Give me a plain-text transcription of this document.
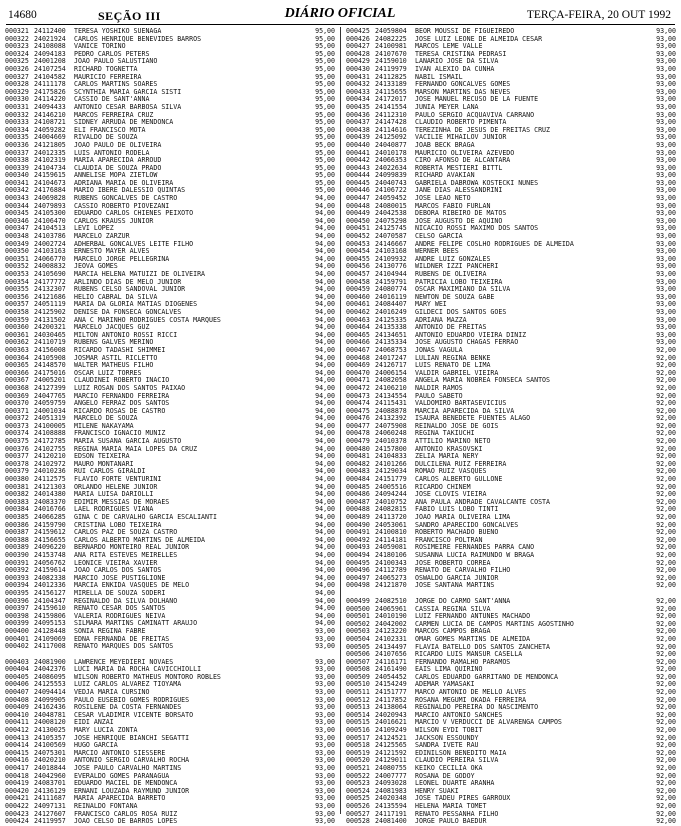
14680	SEÇÃO III	DIÁRIO OFICIAL	TERÇA-FEIRA, 20 OUT 1992
000321 24112400	TERESA YOSHIKO SUENAGA	95,00
000322 24021924	CARLOS HENRIQUE BENEVIDES BARROS	95,00
000323 24108088	VANICE TORINO	95,00
000324 24094183	PEDRO CARLOS PETERS	95,00
000325 24001208	JOAO PAULO SALUSTIANO	95,00
000326 24107254	RICHARD TOGNETTA	95,00
000327 24104582	MAURICIO FERREIRA	95,00
000328 24111178	CARLOS MARTINS SOARES	95,00
000329 24175826	SCYNTHIA MARIA GARCIA SISTI	95,00
000330 24114220	CASSIO DE SANT'ANNA	95,00
000331 24094433	ANTONIO CESAR BARBOSA SILVA	95,00
000332 24146210	MARCOS FERREIRA CRUZ	95,00
000333 24108721	SIDNEY ARRUDA DE MENDONCA	95,00
000334 24059282	ELI FRANCISCO MOTA	95,00
000335 24004669	RIVALDO DE SOUZA	95,00
000336 24121805	JOAO PAULO DE OLIVEIRA	95,00
000337 24012335	LUIS ANTONIO RODELA	95,00
000338 24102319	MARIA APARECIDA ARROUD	95,00
000339 24104734	CLAUDIA DE SOUZA PRADO	95,00
000340 24159615	ANNELISE MOPA ZIETLOW	95,00
000341 24104673	ADRIANA MARIA DE OLIVEIRA	95,00
000342 24176884	MARIO IBERE DALESSIO QUINTAS	95,00
000343 24069828	RUBENS GONCALVES DE CASTRO	94,00
000344 24079893	CASSIO ROBERTO PIOVEZANI	94,00
000345 24105300	EDUARDO CARLOS CHIENES PEIXOTO	94,00
000346 24106470	CARLOS KRAUSS JUNIOR	94,00
000347 24104513	LEVI LOPEZ	94,00
000348 24103786	MARCELO ZARZUR	94,00
000349 24002724	ADHERBAL GONCALVES LEITE FILHO	94,00
000350 24103163	ERNESTO MAYER ALVES	94,00
000351 24066770	MARCELO JORGE PELLEGRINA	94,00
000352 24008832	JEOVA GOMES	94,00
000353 24105690	MARCIA HELENA MATUIZI DE OLIVEIRA	94,00
000354 24177772	ARLINDO DIAS DE MELO JUNIOR	94,00
000355 24132307	RUBENS CELSO SANDOVAL JUNIOR	94,00
000356 24121686	HELIO CABRAL DA SILVA	94,00
000357 24051119	MARIA DA GLORIA MATIAS DIOGENES	94,00
000358 24125902	DENISE DA FONSECA GONCALVES	94,00
000359 24131502	ANA C MARINHO RODRIGUES COSTA MARQUES	94,00
000360 24200321	MARCELO JACQUES GUZ	94,00
000361 24030465	MILTON ANTONIO ROSSI RICCI	94,00
000362 24110719	RUBENS GALVES MERINO	94,00
000363 24156008	RICARDO TADASHI SHIMMEI	94,00
000364 24105908	JOSMAR ASTIL RICLETTO	94,00
000365 24148570	WALTER MATHEUS FILHO	94,00
000366 24175016	OSCAR LUIZ TORRES	94,00
000367 24005201	CLAUDINEI ROBERTO INACIO	94,00
000368 24127399	LUIZ ROSAN DOS SANTOS PAIXAO	94,00
000369 24047765	MARCIO FERNANDO FERREIRA	94,00
000370 24059759	ANGELO FERRAZ DOS SANTOS	94,00
000371 24001034	RICARDO ROSAS DE CASTRO	94,00
000372 24051319	MARCELO DE SOUZA	94,00
000373 24100005	MILENE NAKAYAMA	94,00
000374 24108888	FRANCISCO IGNACIO MUNIZ	94,00
000375 24172785	MARIA SUSANA GARCIA AUGUSTO	94,00
000376 24102755	REGINA MARIA MAIA LOPES DA CRUZ	94,00
000377 24120210	EDSON TEIXEIRA	94,00
000378 24102972	MAURO MONTANARI	94,00
000379 24010236	RUI CARLOS GIRALDI	94,00
000380 24112575	FLAVIO FORTE VENTURINI	94,00
000381 24121303	ORLANDO HELENE JUNIOR	94,00
000382 24014380	MARIA LUISA DARIOLLI	94,00
000383 24083370	EDIMIR MESSIAS DE MORAES	94,00
000384 24016766	LAEL RODRIGUES VIANA	94,00
000385 24066285	GINA C DE CARVALHO GARCIA ESCALIANTI	94,00
000386 24159790	CRISTINA LOBO TEIXEIRA	94,00
000387 24159612	CARLOS PAZ DE SOUZA CASTRO	94,00
000388 24156655	CARLOS ALBERTO MARTINS DE ALMEIDA	94,00
000389 24096220	BERNARDO MONTEIRO REAL JUNIOR	94,00
000390 24153748	ANA RITA ESTEVES MEIRELLES	94,00
000391 24056762	LEONICE VIEIRA XAVIER	94,00
000392 24159614	JOAO CARLOS DOS SANTOS	94,00
000393 24082338	MARCIO JOSE PUSTIGLIONE	94,00
000394 24012336	MARCIA ENKIDA VASQUES DE MELO	94,00
000395 24156127	MIRELLA DE SOUZA SODERI	94,00
000396 24104347	REGINALDO DA SILVA DOLHANO	94,00
000397 24159610	RENATO CESAR DOS SANTOS	94,00
000398 24159806	VALERIA RODRIGUES NEIVA	94,00
000399 24095153	SILMARA MARTINS CAMINATT ARAUJO	94,00
000400 24128448	SONIA REGINA FABRE	93,00
000401 24109069	EDNA FERNANDA DE FREITAS	93,00
000402 24117008	RENATO MARQUES DOS SANTOS	93,00
000403 24081900	LAWRENCE MEYEDIERI NOVAES	93,00
000404 24042376	LUCI MARIA DA ROCHA CAVICCHIOLLI	93,00
000405 24086095	WILSON ROBERTO MATHEUS MONTORO ROBLES	93,00
000406 24125553	LUIZ CARLOS ALVAREZ TIOYAMA	93,00
000407 24094414	VEDJA MARIA CURSINO	93,00
000408 24099905	PAULO EUSEBIO GOMES RODRIGUES	93,00
000409 24162436	ROSILENE DA COSTA FERNANDES	93,00
000410 24048781	CESAR VLADIMIR VICENTE BORSATO	93,00
000411 24008120	EIDI ANZAI	93,00
000412 24130025	MARY LUCIA ZONTA	93,00
000413 24105357	JOSE HENRIQUE BIANCHI SEGATTI	93,00
000414 24100569	HUGO GARCIA	93,00
000415 24075301	MARCIO ANTONIO SIESSERE	93,00
000416 24020210	ANTONIO SERGIO CARVALHO ROCHA	93,00
000417 24018844	JOSE PAULO CARVALHO MARTINS	93,00
000418 24042960	EVERALDO GOMES PARANAGUA	93,00
000419 24083701	EDUARDO MACIEL DE MENDONCA	93,00
000420 24136129	ERNANI LOUZADA RAYMUND JUNIOR	93,00
000421 24111687	MARIA APARECIDA BARRETO	93,00
000422 24097131	REINALDO FONTANA	93,00
000423 24127607	FRANCISCO CARLOS ROSA RUIZ	93,00
000424 24119957	JOAO CELSO DE BARROS LOPES	93,00
000425 24059804	BEOR MOUSSI DE FIGUEIREDO	93,00
000426 24082225	JOSE LUIZ LEONE DE ALMEIDA CESAR	93,00
000427 24100981	MARCOS LEME VALLE	93,00
000428 24107670	TERESA CRISTINA PEDRASI	93,00
000429 24159010	LANARIO JOSE DA SILVA	93,00
000430 24119979	IVAN ALEXIO DA CUNHA	93,00
000431 24112825	NABIL ISMAIL	93,00
000432 24133189	FERNANDO GONCALVES GOMES	93,00
000433 24115655	MARSON MARTINS DAS NEVES	93,00
000434 24172017	JOSE MANUEL RECUSO DE LA FUENTE	93,00
000435 24141554	JUNIA MEYER LANA	93,00
000436 24112310	PAULO SERGIO ACQUAVIVA CARRANO	93,00
000437 24147428	CLAUDIO ROBERTO PIMENTA	93,00
000438 24114616	TEREZINHA DE JESUS DE FREITAS CRUZ	93,00
000439 24125092	VACILIE MIHAILOV JUNIOR	93,00
000440 24040877	JOAB BECK BRAGA	93,00
000441 24010178	MAURICIO OLIVEIRA AZEVEDO	93,00
000442 24066353	CIRO AFONSO DE ALCANTARA	93,00
000443 24022634	ROBERTA MESTIERI BITTL	93,00
000444 24099839	RICHARD AVAKIAN	93,00
000445 24040743	GABRIELA DABROWA KOSTECKI NUNES	93,00
000446 24106722	JANE DIAS ALESSANDRINI	93,00
000447 24059452	JOSE LEAO NETO	93,00
000448 24080015	MARCOS FABIO FURLAN	93,00
000449 24042538	DEBORA RIBEIRO DE MATOS	93,00
000450 24075298	JOSE AUGUSTO DE AQUINO	93,00
000451 24125745	NICACIO ROSSI MAXIMO DOS SANTOS	93,00
000452 24070587	CELSO GARCIA	93,00
000453 24146667	ANDRE FELIPE COSLHO RODRIGUES DE ALMEIDA	93,00
000454 24103168	WERNER BEES	93,00
000455 24109932	ANDRE LUIZ GONZALES	93,00
000456 24130776	WILDNER IZZI PANCHERI	93,00
000457 24104944	RUBENS DE OLIVEIRA	93,00
000458 24159791	PATRICIA LOBO TEIXEIRA	93,00
000459 24080774	OSCAR MAXIMIANO DA SILVA	93,00
000460 24016119	NEWTON DE SOUZA GABE	93,00
000461 24084407	MARY WEI	93,00
000462 24016249	GILDECI DOS SANTOS GOES	93,00
000463 24125335	ADRIANA MAZZA	93,00
000464 24135338	ANTONIO DE FREITAS	93,00
000465 24134651	ANTONIO EDUARDO VIEIRA DINIZ	93,00
000466 24135334	JOSE AUGUSTO CHAGAS FERRAO	93,00
000467 24068753	JONAS VAGULA	92,00
000468 24017247	LULIAN REGINA BENKE	92,00
000469 24126717	LUIS RENATO DE LIMA	92,00
000470 24006154	VALDIR GABRIEL VIEIRA	92,00
000471 24082058	ANGELA MARIA NOBREA FONSECA SANTOS	92,00
000472 24106210	NALDIR RAMOS	92,00
000473 24134554	PAULO SABETO	92,00
000474 24115431	VALDOMIRO BARTASEVICIUS	92,00
000475 24088878	MARCIA APARECIDA DA SILVA	92,00
000476 24132392	ISAURA BENEDETE FUENTES ALAGO	92,00
000477 24075908	REINALDO JOSE DE GOIS	92,00
000478 24060248	REGINA TAKIUCHI	92,00
000479 24010378	ATTILIO MARINO NETO	92,00
000480 24157800	ANTONIO KRASOVSKI	92,00
000481 24104833	ZELIA MARIA NERY	92,00
000482 24101266	DULCILENA RUIZ FERREIRA	92,00
000483 24129034	ROMAO RUIZ VASQUES	92,00
000484 24151779	CARLOS ALBERTO GULLONE	92,00
000485 24005516	RICARDO CHINEM	92,00
000486 24094244	JOSE CLOVIS VIEIRA	92,00
000487 24010752	ANA PAULA ANDRADE CAVALCANTE COSTA	92,00
000488 24082815	FABIO LUIS LOBO TINTI	92,00
000489 24113720	JOAO MARIA OLIVEIRA LIMA	92,00
000490 24053061	SANDRO APARECIDO GONCALVES	92,00
000491 24100810	ROBERTO MACHADO BUENO	92,00
000492 24114181	FRANCISCO POLTRAN	92,00
000493 24059081	ROSIMEIRE FERNANDES PARRA CANO	92,00
000494 24180106	SUSANNA LUCIA RAIMUNDO W BRAGA	92,00
000495 24100343	JOSE ROBERTO CORREA	92,00
000496 24112789	RENATO DE CARVALHO FILHO	92,00
000497 24065273	OSWALDO GARCIA JUNIOR	92,00
000498 24121870	JOSE SANTANA MARTINS	92,00
000499 24082510	JORGE DO CARMO SANT'ANNA	92,00
000500 24065961	CASSIA REGINA SILVA	92,00
000501 24010190	LUIZ FERNANDO ANTUNES MACHADO	92,00
000502 24042002	CARMEN LUCIA DE CAMPOS MARTINS AGOSTINHO	92,00
000503 24123220	MARCOS CAMPOS BRAGA	92,00
000504 24102331	OMAR GOMES MARTINS DE ALMEIDA	92,00
000505 24134497	FLAVIA BATELLO DOS SANTOS ZANCHETA	92,00
000506 24107656	RICARDO LUIS MANSUR CASELLA	92,00
000507 24116171	FERNANDO RAMALHO PARAMOS	92,00
000508 24161490	EAIS LIMA QUIRINO	92,00
000509 24054452	CARLOS EDUARDO GARRITANO DE MENDONCA	92,00
000510 24154249	ADEMAR YAMASAKI	92,00
000511 24151777	MARCO ANTONIO DE MELLO ALVES	92,00
000512 24117852	ROSANA MEGUMI OKADA FERREIRA	92,00
000513 24138064	REGINALDO PEREIRA DO NASCIMENTO	92,00
000514 24020943	MARCIO ANTONIO SANCHES	92,00
000515 24016621	MARCIO V VERDUCCI DE ALVARENGA CAMPOS	92,00
000516 24109249	WILSON EYDI TOBIT	92,00
000517 24124521	JACKSON ESSOUNDY	92,00
000518 24125565	SANDRA IVETE RAU	92,00
000519 24121592	EDINILSON BENEDITO MAIA	92,00
000520 24129011	CLAUDIO PEREIRA SILVA	92,00
000521 24080755	KEIKO CECILIA OKA	92,00
000522 24007777	ROSANA DE GODOY	92,00
000523 24093028	LEONEL DUARTE ARANHA	92,00
000524 24081983	HENRY SUAKI	92,00
000525 24020348	JOSE TADEU PIRES GARROUX	92,00
000526 24135594	HELENA MARIA TOMET	92,00
000527 24117191	RENATO PESSANHA FILHO	92,00
000528 24081400	JORGE PAULO BAEDUR	92,00
